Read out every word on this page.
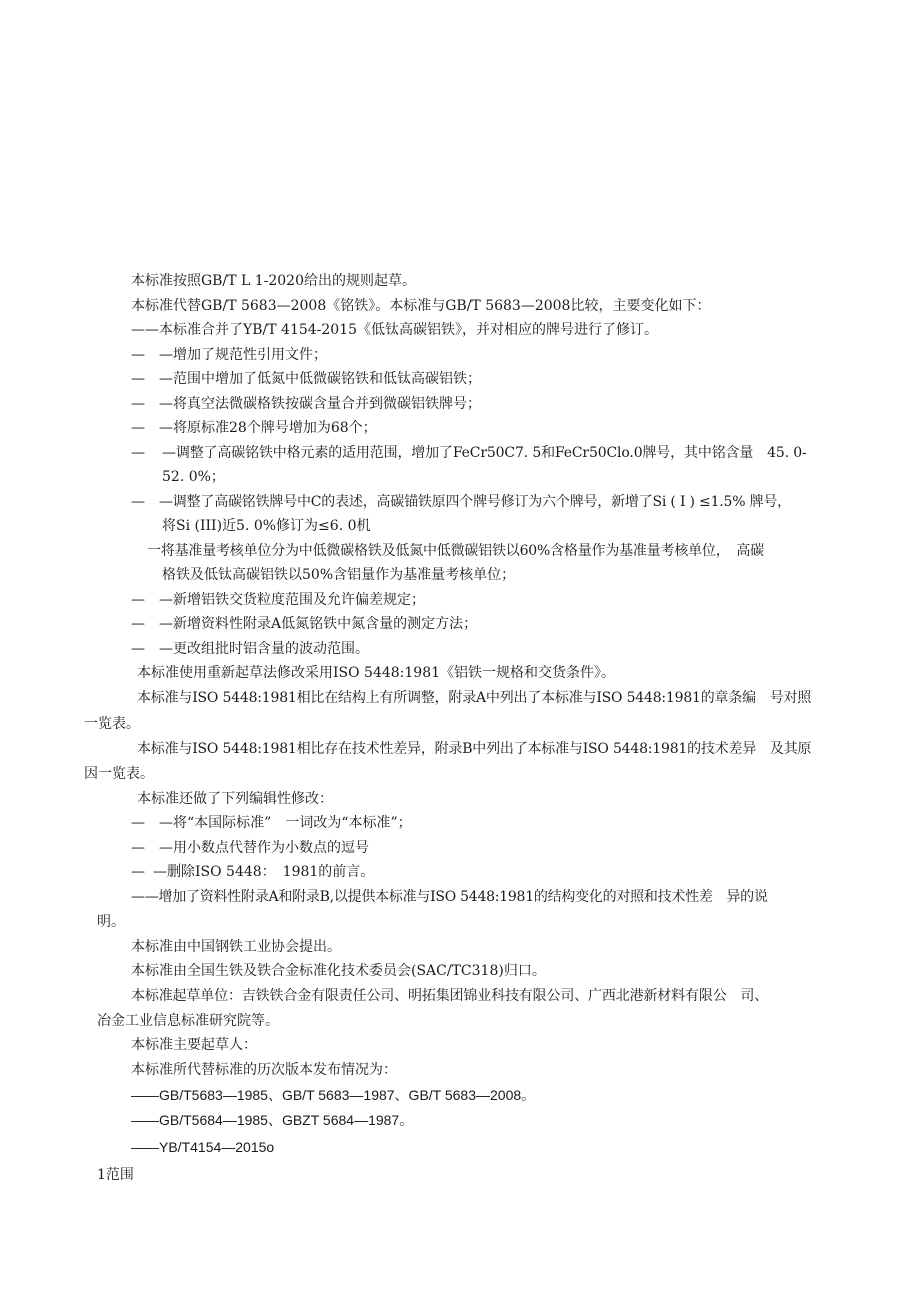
本标准按照GB/T L 1-2020给出的规则起草。
本标准代替GB/T 5683—2008《铭铁》。本标准与GB/T 5683—2008比较，主要变化如下：
——本标准合并了YB/T 4154-2015《低钛高碳铝铁》，并对相应的牌号进行了修订。
— —增加了规范性引用文件；
— —范围中增加了低氮中低微碳铭铁和低钛高碳铝铁；
— —将真空法微碳格铁按碳含量合并到微碳铝铁牌号；
— —将原标准28个牌号增加为68个；
— —调整了高碳铭铁中格元素的适用范围，增加了FeCr50C7. 5和FeCr50Clo.0牌号，其中铭含量　45. 0-
52. 0%；
— —调整了高碳铭铁牌号中C的表述，高碳锚铁原四个牌号修订为六个牌号，新增了Si ( I ) ≤1.5% 牌号，
将Si (III)近5. 0%修订为≤6. 0机
一将基准量考核单位分为中低微碳格铁及低氮中低微碳铝铁以60%含格量作为基准量考核单位，　高碳
格铁及低钛高碳铝铁以50%含铝量作为基准量考核单位；
— —新增铝铁交货粒度范围及允许偏差规定；
— —新增资料性附录A低氮铭铁中氮含量的测定方法；
— —更改组批时铝含量的波动范围。
本标准使用重新起草法修改采用ISO 5448:1981《铝铁一规格和交货条件》。
本标准与ISO 5448:1981相比在结构上有所调整，附录A中列出了本标准与ISO 5448:1981的章条编　号对照
一览表。
本标准与ISO 5448:1981相比存在技术性差异，附录B中列出了本标准与ISO 5448:1981的技术差异　及其原
因一览表。
本标准还做了下列编辑性修改：
— —将“本国际标准”　一词改为“本标准”；
— —用小数点代替作为小数点的逗号
— —删除ISO 5448：　1981的前言。
——增加了资料性附录A和附录B,以提供本标准与ISO 5448:1981的结构变化的对照和技术性差　异的说
明。
本标准由中国钢铁工业协会提出。
本标准由全国生铁及铁合金标准化技术委员会(SAC/TC318)归口。
本标准起草单位：吉铁铁合金有限责任公司、明拓集团锦业科技有限公司、广西北港新材料有限公　司、
冶金工业信息标准研究院等。
本标准主要起草人：
本标准所代替标准的历次版本发布情况为：
——GB/T5683—1985、GB/T 5683—1987、GB/T 5683—2008。
——GB/T5684—1985、GBZT 5684—1987。
——YB/T4154—2015o
1范围
